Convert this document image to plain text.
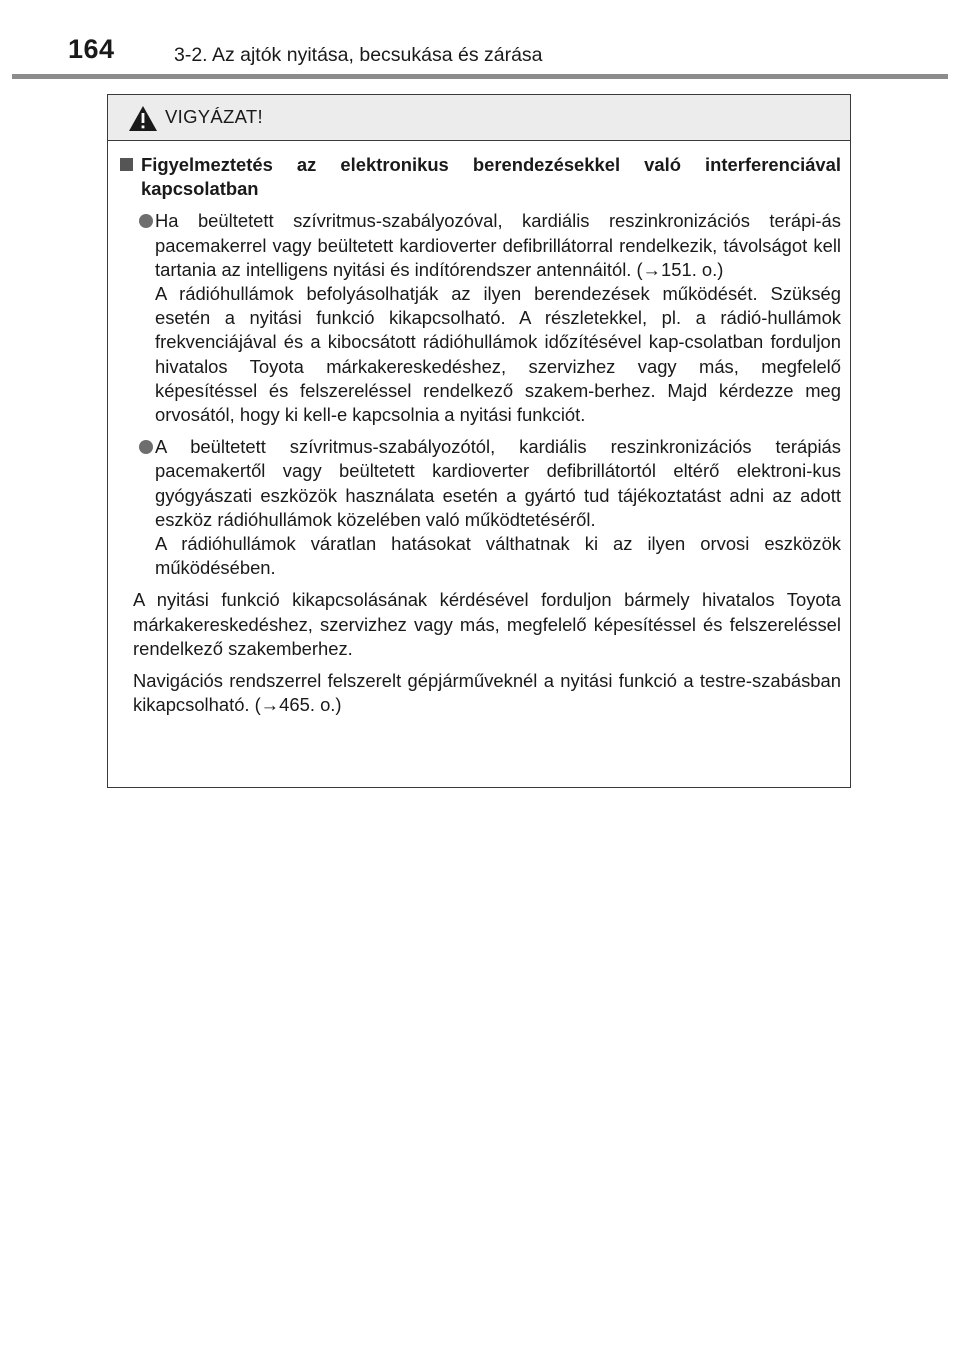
164	3-2. Az ajtók nyitása, becsukása és zárása
VIGYÁZAT!
Figyelmeztetés az elektronikus berendezésekkel való interferenciával kapcsolatban
Ha beültetett szívritmus-szabályozóval, kardiális reszinkronizációs terápi-ás pacemakerrel vagy beültetett kardioverter defibrillátorral rendelkezik, távolságot kell tartania az intelligens nyitási és indítórendszer antennáitól. (→151. o.)
A rádióhullámok befolyásolhatják az ilyen berendezések működését. Szükség esetén a nyitási funkció kikapcsolható. A részletekkel, pl. a rádió-hullámok frekvenciájával és a kibocsátott rádióhullámok időzítésével kap-csolatban forduljon hivatalos Toyota márkakereskedéshez, szervizhez vagy más, megfelelő képesítéssel és felszereléssel rendelkező szakem-berhez. Majd kérdezze meg orvosától, hogy ki kell-e kapcsolnia a nyitási funkciót.
A beültetett szívritmus-szabályozótól, kardiális reszinkronizációs terápiás pacemakertől vagy beültetett kardioverter defibrillátortól eltérő elektroni-kus gyógyászati eszközök használata esetén a gyártó tud tájékoztatást adni az adott eszköz rádióhullámok közelében való működtetéséről.
A rádióhullámok váratlan hatásokat válthatnak ki az ilyen orvosi eszközök működésében.
A nyitási funkció kikapcsolásának kérdésével forduljon bármely hivatalos Toyota márkakereskedéshez, szervizhez vagy más, megfelelő képesítéssel és felszereléssel rendelkező szakemberhez.
Navigációs rendszerrel felszerelt gépjárműveknél a nyitási funkció a testre-szabásban kikapcsolható. (→465. o.)
